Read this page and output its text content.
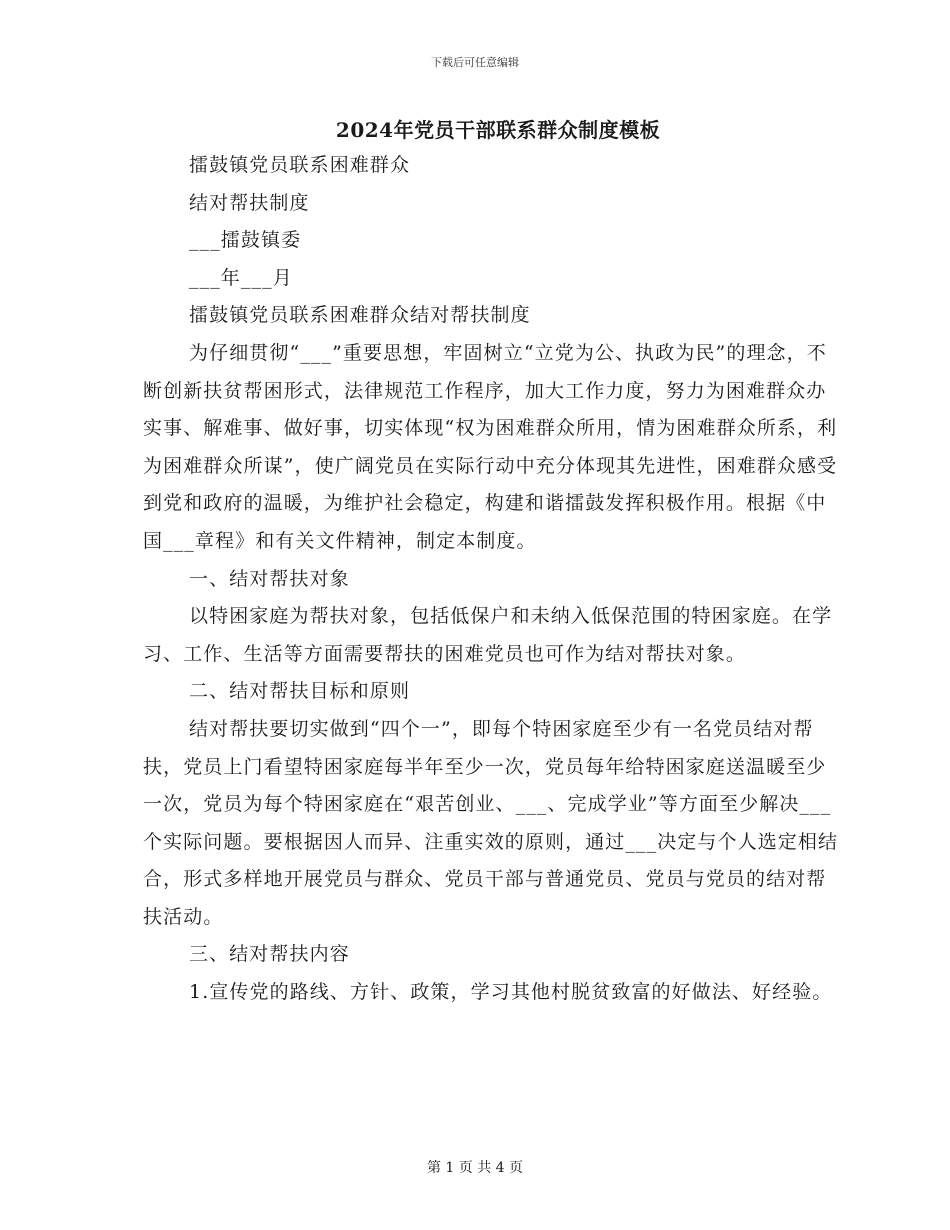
下载后可任意编辑
2024年党员干部联系群众制度模板

擂鼓镇党员联系困难群众

结对帮扶制度

___擂鼓镇委

___年___月

擂鼓镇党员联系困难群众结对帮扶制度

为仔细贯彻“___”重要思想，牢固树立“立党为公、执政为民”的理念，不断创新扶贫帮困形式，法律规范工作程序，加大工作力度，努力为困难群众办实事、解难事、做好事，切实体现“权为困难群众所用，情为困难群众所系，利为困难群众所谋”，使广阔党员在实际行动中充分体现其先进性，困难群众感受到党和政府的温暖，为维护社会稳定，构建和谐擂鼓发挥积极作用。根据《中国___章程》和有关文件精神，制定本制度。

一、结对帮扶对象

以特困家庭为帮扶对象，包括低保户和未纳入低保范围的特困家庭。在学习、工作、生活等方面需要帮扶的困难党员也可作为结对帮扶对象。

二、结对帮扶目标和原则

结对帮扶要切实做到“四个一”，即每个特困家庭至少有一名党员结对帮扶，党员上门看望特困家庭每半年至少一次，党员每年给特困家庭送温暖至少一次，党员为每个特困家庭在“艰苦创业、___、完成学业”等方面至少解决___个实际问题。要根据因人而异、注重实效的原则，通过___决定与个人选定相结合，形式多样地开展党员与群众、党员干部与普通党员、党员与党员的结对帮扶活动。

三、结对帮扶内容

1.宣传党的路线、方针、政策，学习其他村脱贫致富的好做法、好经验。

第 1 页 共 4 页
